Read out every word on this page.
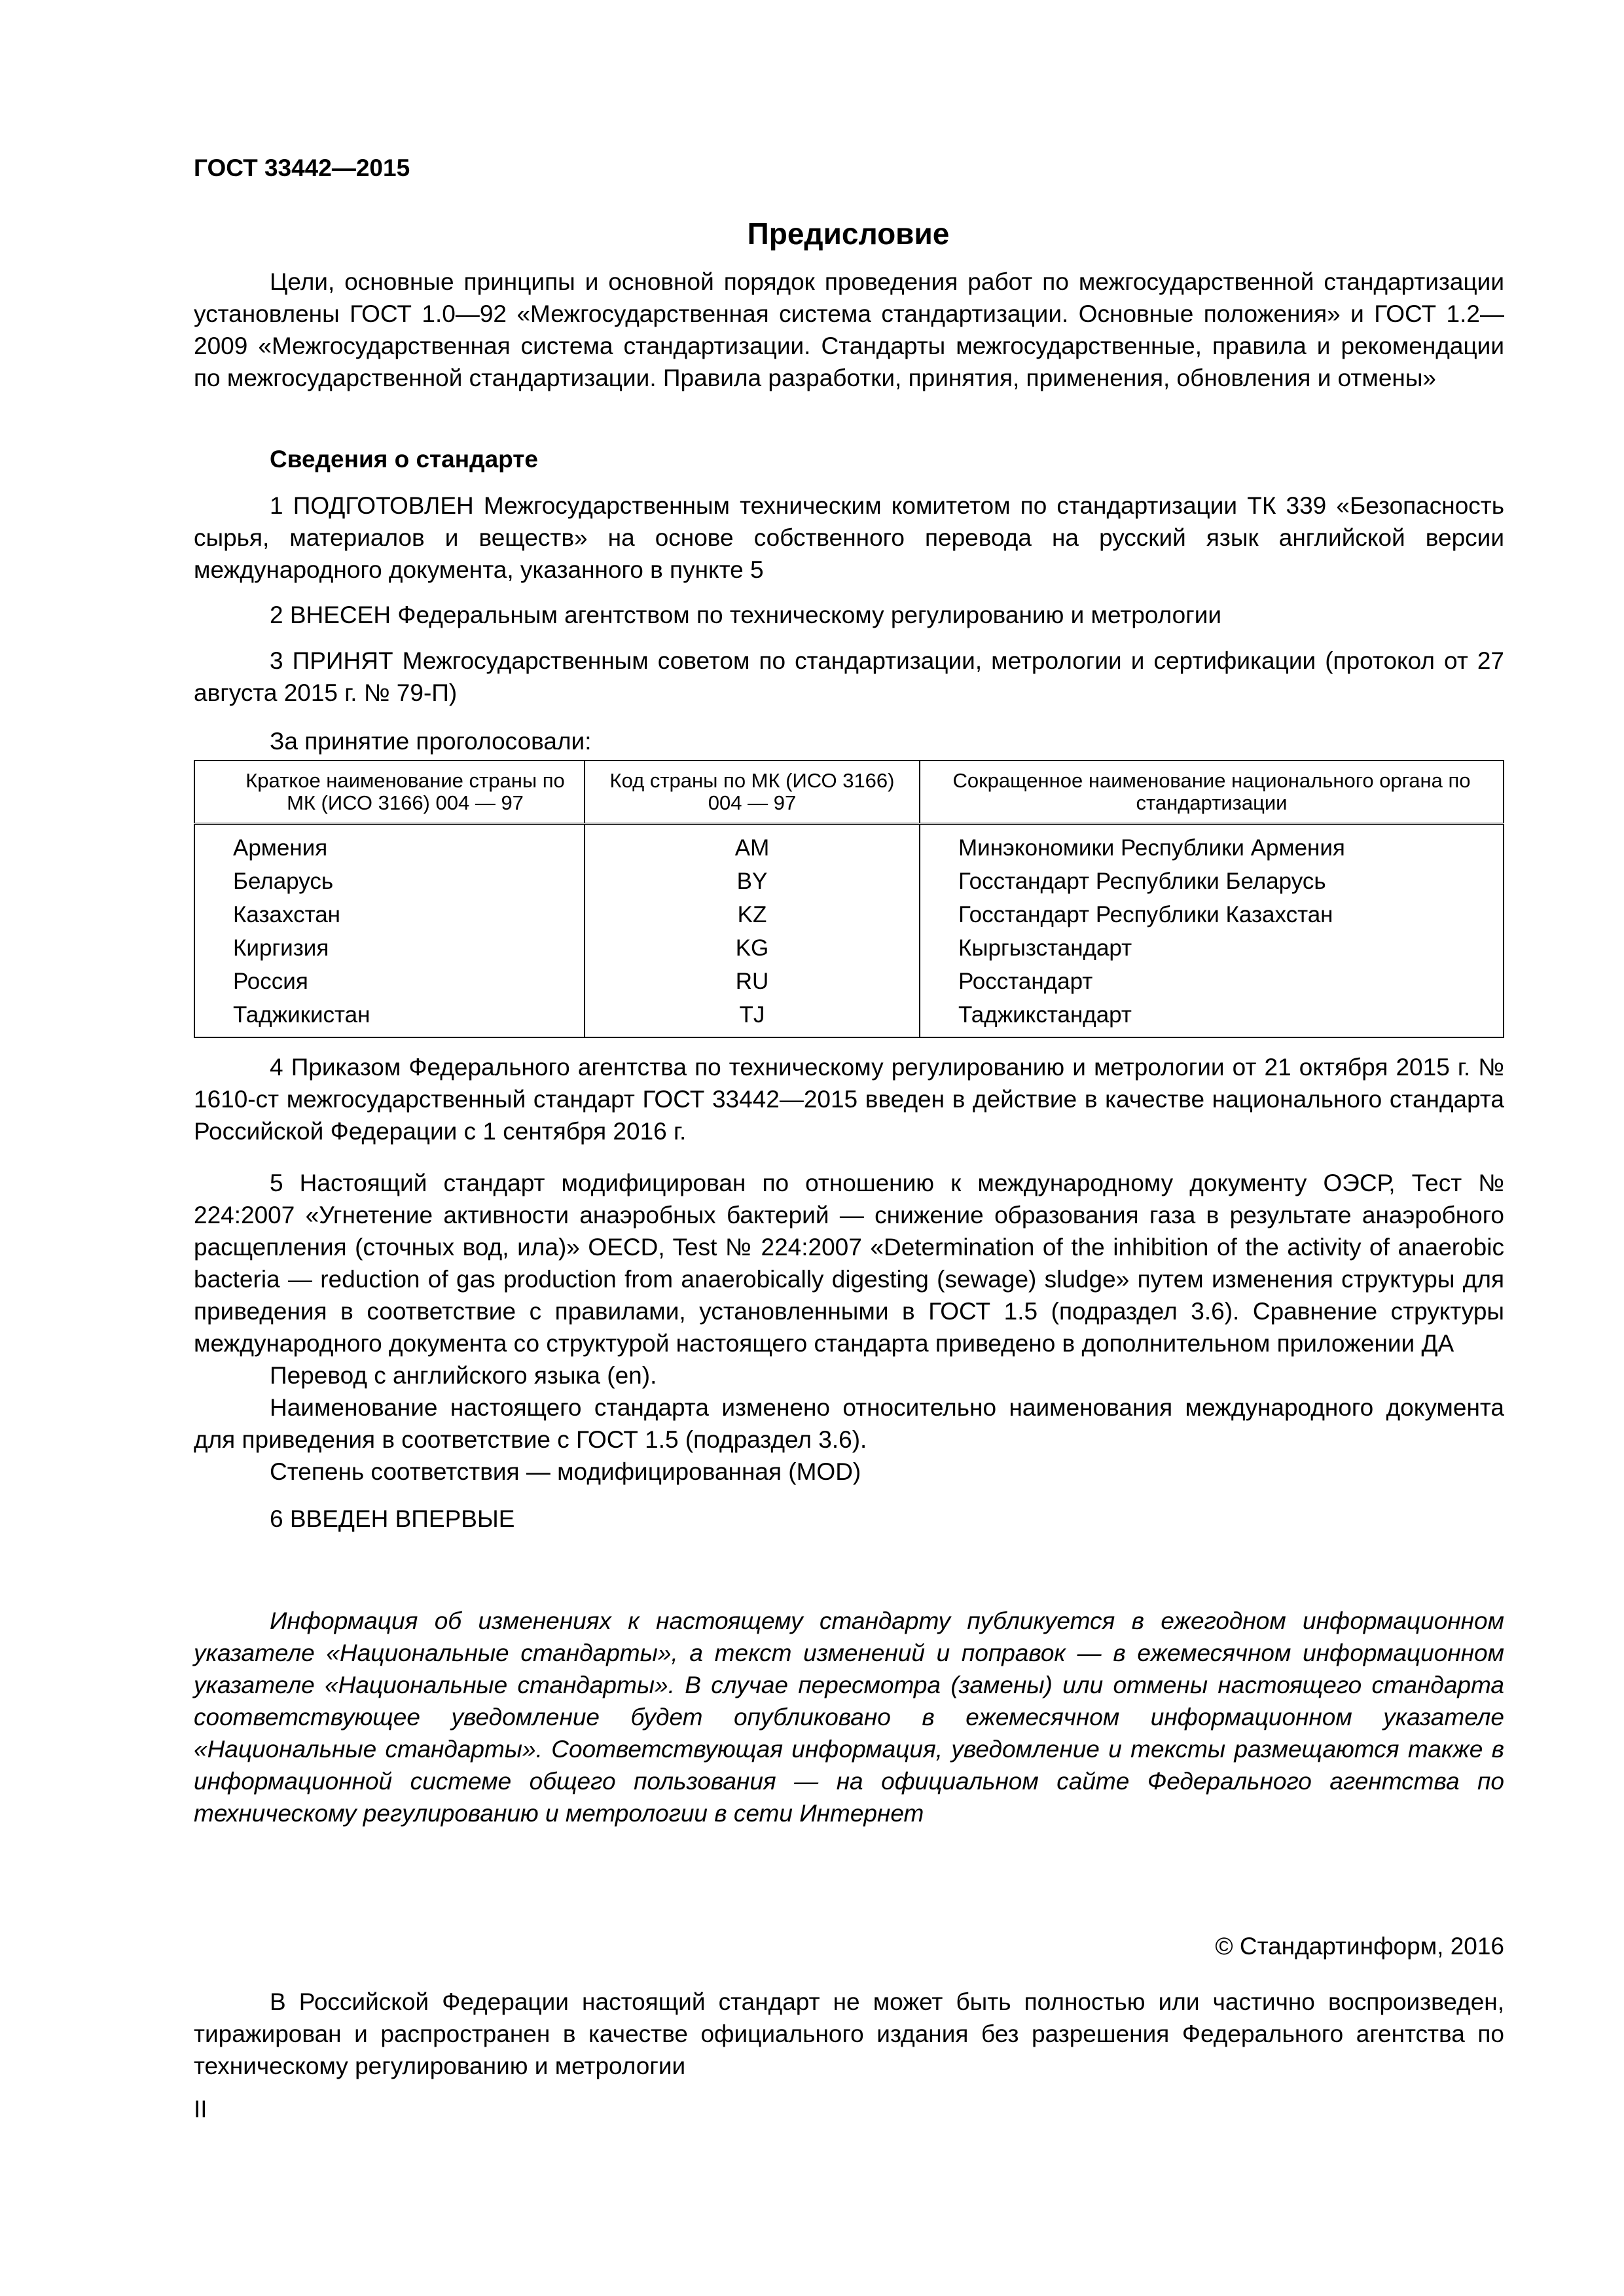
ГОСТ 33442—2015
Предисловие

Цели, основные принципы и основной порядок проведения работ по межгосударственной стандартизации установлены ГОСТ 1.0—92 «Межгосударственная система стандартизации. Основные положения» и ГОСТ 1.2—2009 «Межгосударственная система стандартизации. Стандарты межгосударственные, правила и рекомендации по межгосударственной стандартизации. Правила разработки, принятия, применения, обновления и отмены»

Сведения о стандарте

1 ПОДГОТОВЛЕН Межгосударственным техническим комитетом по стандартизации ТК 339 «Безопасность сырья, материалов и веществ» на основе собственного перевода на русский язык английской версии международного документа, указанного в пункте 5

2 ВНЕСЕН Федеральным агентством по техническому регулированию и метрологии

3 ПРИНЯТ Межгосударственным советом по стандартизации, метрологии и сертификации (протокол от 27 августа 2015 г. № 79-П)

За принятие проголосовали:

Краткое наименование страны по МК (ИСО 3166) 004 — 97	Код страны по МК (ИСО 3166) 004 — 97	Сокращенное наименование национального органа по стандартизации
Армения	AM	Минэкономики Республики Армения
Беларусь	BY	Госстандарт Республики Беларусь
Казахстан	KZ	Госстандарт Республики Казахстан
Киргизия	KG	Кыргызстандарт
Россия	RU	Росстандарт
Таджикистан	TJ	Таджикстандарт

4 Приказом Федерального агентства по техническому регулированию и метрологии от 21 октября 2015 г. № 1610-ст межгосударственный стандарт ГОСТ 33442—2015 введен в действие в качестве национального стандарта Российской Федерации с 1 сентября 2016 г.

5 Настоящий стандарт модифицирован по отношению к международному документу ОЭСР, Тест № 224:2007 «Угнетение активности анаэробных бактерий — снижение образования газа в результате анаэробного расщепления (сточных вод, ила)» OECD, Test № 224:2007 «Determination of the inhibition of the activity of anaerobic bacteria — reduction of gas production from anaerobically digesting (sewage) sludge» путем изменения структуры для приведения в соответствие с правилами, установленными в ГОСТ 1.5 (подраздел 3.6). Сравнение структуры международного документа со структурой настоящего стандарта приведено в дополнительном приложении ДА

Перевод с английского языка (en).

Наименование настоящего стандарта изменено относительно наименования международного документа для приведения в соответствие с ГОСТ 1.5 (подраздел 3.6).

Степень соответствия — модифицированная (MOD)

6 ВВЕДЕН ВПЕРВЫЕ

Информация об изменениях к настоящему стандарту публикуется в ежегодном информационном указателе «Национальные стандарты», а текст изменений и поправок — в ежемесячном информационном указателе «Национальные стандарты». В случае пересмотра (замены) или отмены настоящего стандарта соответствующее уведомление будет опубликовано в ежемесячном информационном указателе «Национальные стандарты». Соответствующая информация, уведомление и тексты размещаются также в информационной системе общего пользования — на официальном сайте Федерального агентства по техническому регулированию и метрологии в сети Интернет

© Стандартинформ, 2016

В Российской Федерации настоящий стандарт не может быть полностью или частично воспроизведен, тиражирован и распространен в качестве официального издания без разрешения Федерального агентства по техническому регулированию и метрологии

II
